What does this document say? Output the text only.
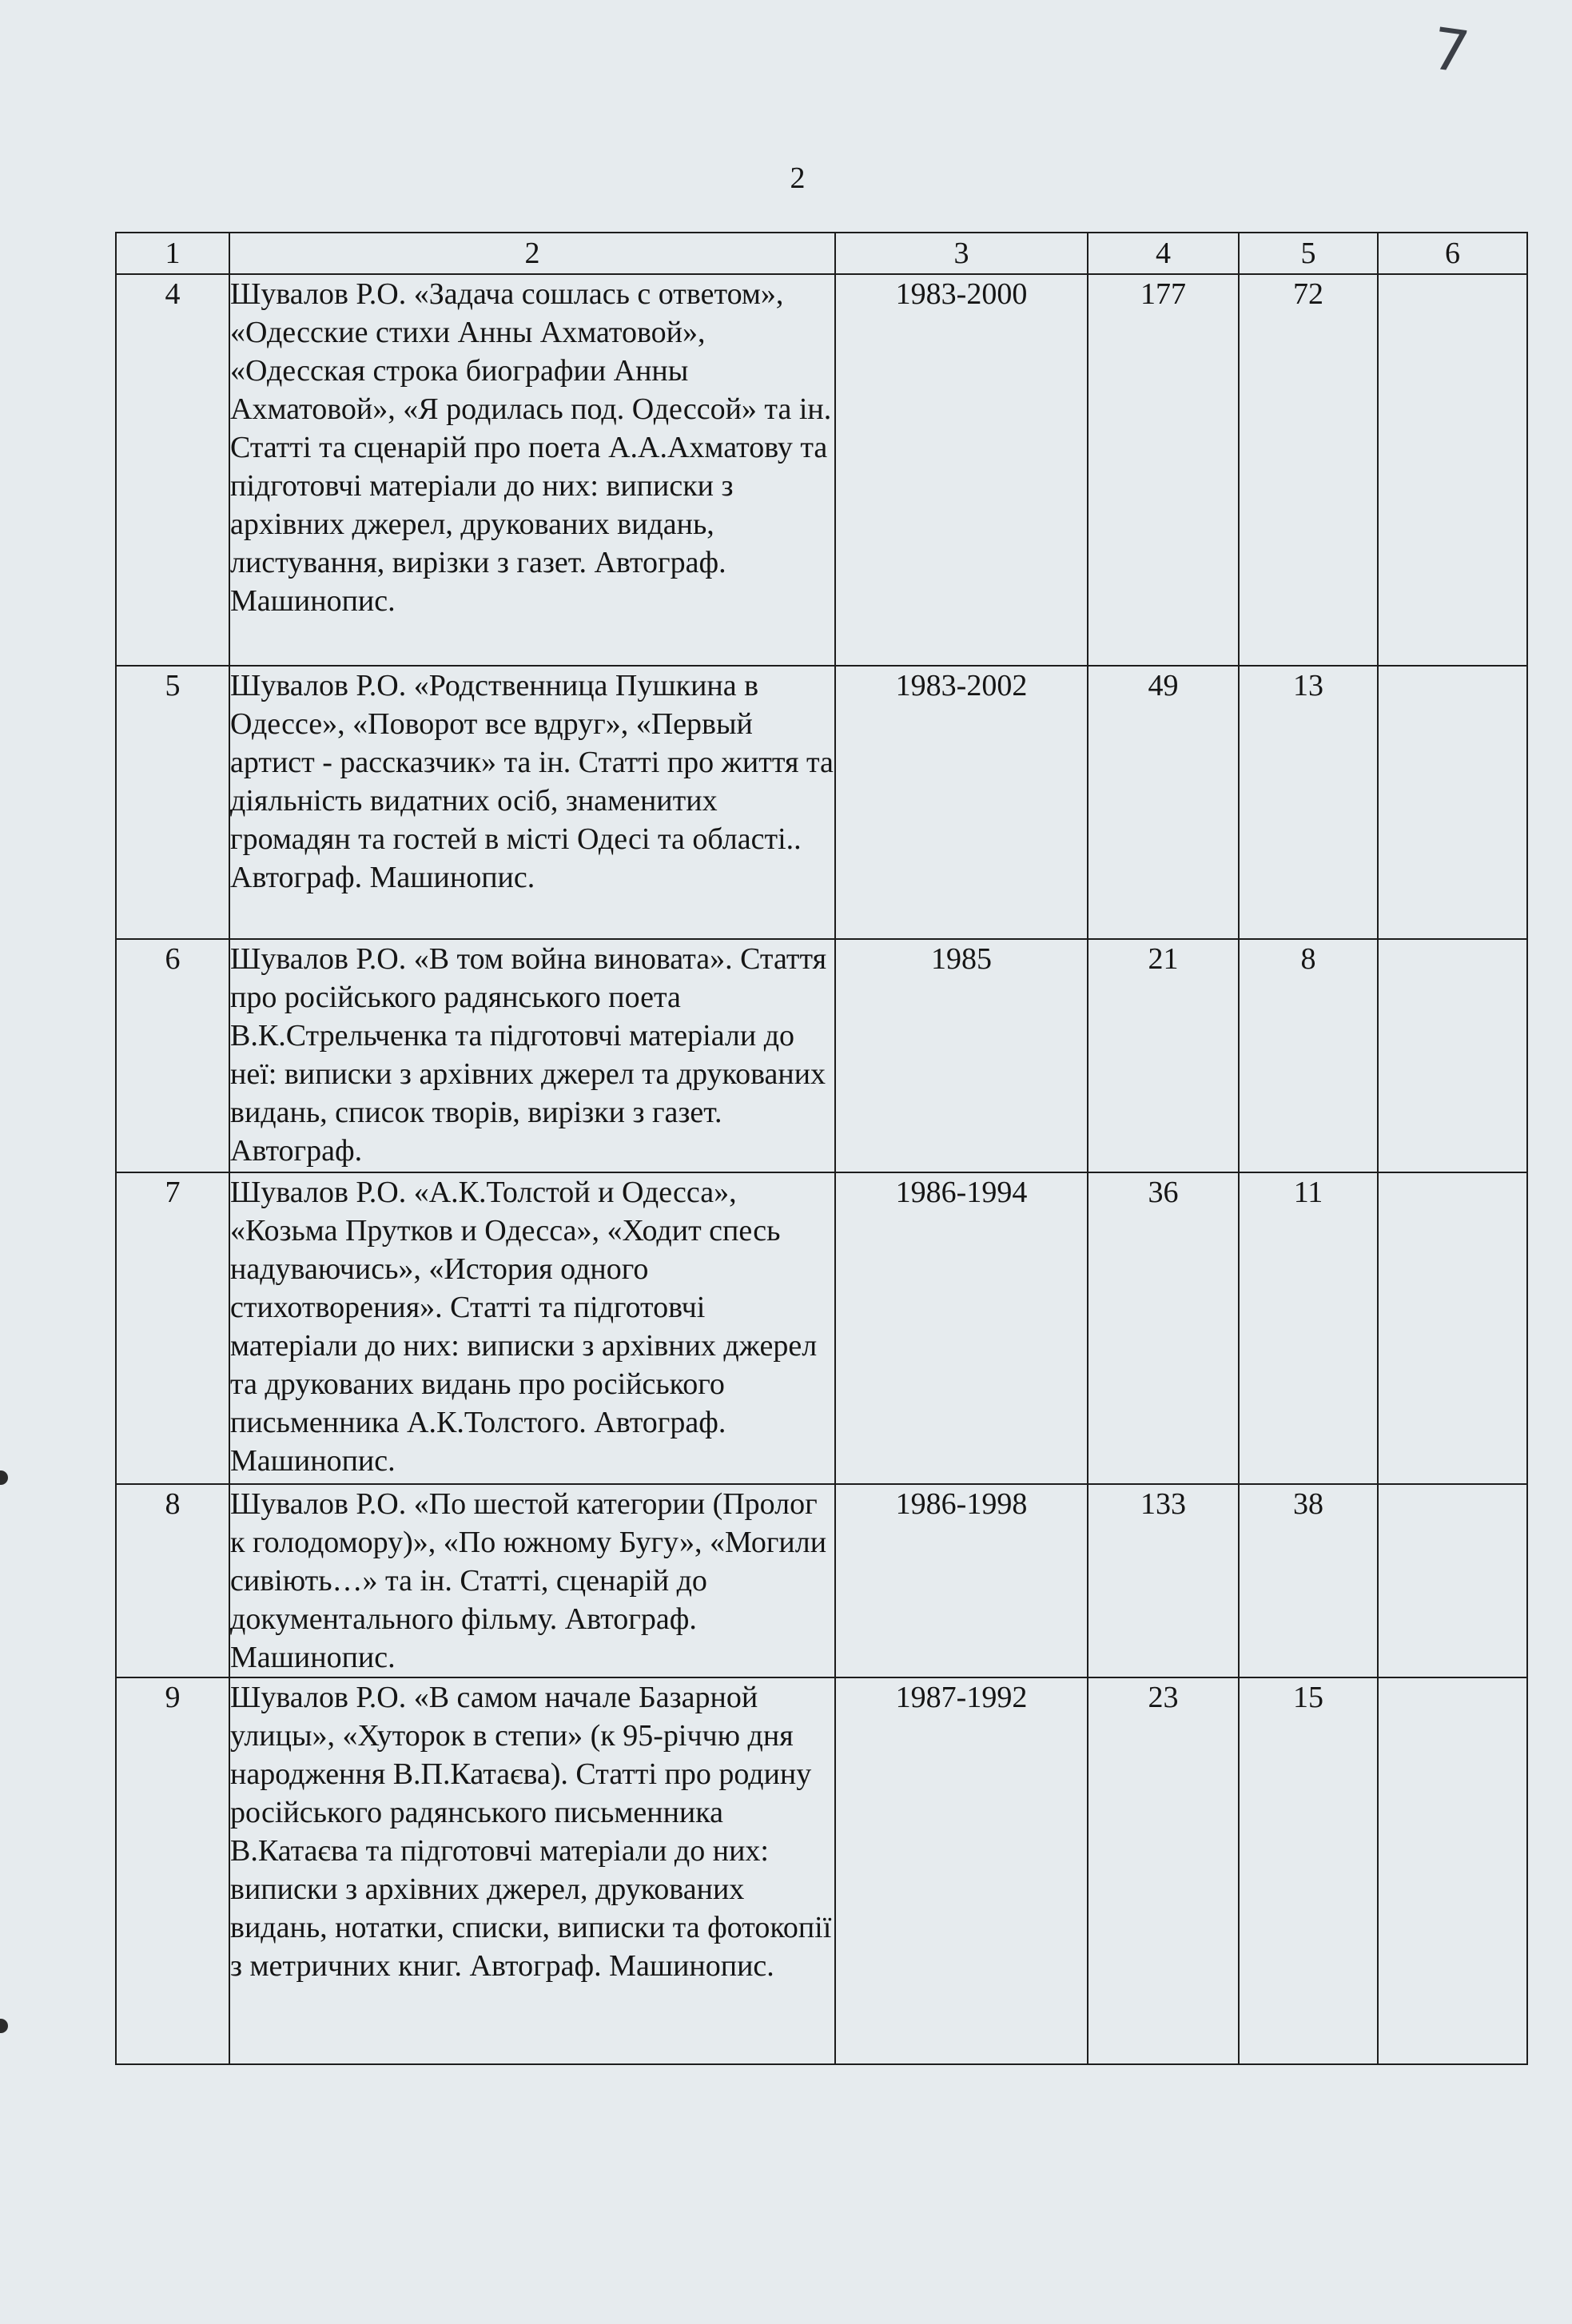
7
2
1	2	3	4	5	6
4	Шувалов Р.О. «Задача сошлась с ответом», «Одесские стихи Анны Ахматовой», «Одесская строка биографии Анны Ахматовой», «Я родилась под. Одессой» та ін. Статті та сценарій про поета А.А.Ахматову та підготовчі матеріали до них: виписки з архівних джерел, друкованих видань, листування, вирізки з газет. Автограф. Машинопис.	1983-2000	177	72	
5	Шувалов Р.О. «Родственница Пушкина в Одессе», «Поворот все вдруг», «Первый артист - рассказчик» та ін. Статті про життя та діяльність видатних осіб, знаменитих громадян та гостей в місті Одесі та області.. Автограф. Машинопис.	1983-2002	49	13	
6	Шувалов Р.О. «В том война виновата». Стаття про російського радянського поета В.К.Стрельченка та підготовчі матеріали до неї: виписки з архівних джерел та друкованих видань, список творів, вирізки з газет. Автограф.	1985	21	8	
7	Шувалов Р.О. «А.К.Толстой и Одесса», «Козьма Прутков и Одесса», «Ходит спесь надуваючись», «История одного стихотворения». Статті та підготовчі матеріали до них: виписки з архівних джерел та друкованих видань про російського письменника А.К.Толстого. Автограф. Машинопис.	1986-1994	36	11	
8	Шувалов Р.О. «По шестой категории (Пролог к голодомору)», «По южному Бугу», «Могили сивіють…» та ін. Статті, сценарій до документального фільму. Автограф. Машинопис.	1986-1998	133	38	
9	Шувалов Р.О. «В самом начале Базарной улицы», «Хуторок в степи» (к 95-річчю дня народження В.П.Катаєва). Статті про родину російського радянського письменника В.Катаєва та підготовчі матеріали до них: виписки з архівних джерел, друкованих видань, нотатки, списки, виписки та фотокопії з метричних книг. Автограф. Машинопис.	1987-1992	23	15	
